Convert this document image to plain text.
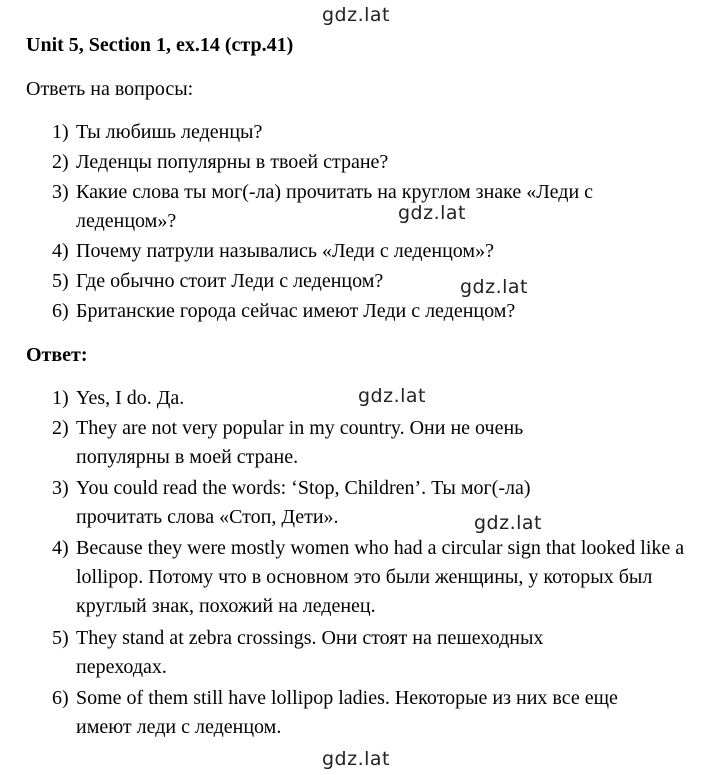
gdz.lat
gdz.lat
gdz.lat
gdz.lat
gdz.lat
gdz.lat
Unit 5, Section 1, ex.14 (стр.41)
Ответь на вопросы:
1) Ты любишь леденцы?
2) Леденцы популярны в твоей стране?
3) Какие слова ты мог(-ла) прочитать на круглом знаке «Леди с леденцом»?
4) Почему патрули назывались «Леди с леденцом»?
5) Где обычно стоит Леди с леденцом?
6) Британские города сейчас имеют Леди с леденцом?
Ответ:
1) Yes, I do. Да.
2) They are not very popular in my country. Они не очень популярны в моей стране.
3) You could read the words: ‘Stop, Children’. Ты мог(-ла) прочитать слова «Стоп, Дети».
4) Because they were mostly women who had a circular sign that looked like a lollipop. Потому что в основном это были женщины, у которых был круглый знак, похожий на леденец.
5) They stand at zebra crossings. Они стоят на пешеходных переходах.
6) Some of them still have lollipop ladies. Некоторые из них все еще имеют леди с леденцом.
